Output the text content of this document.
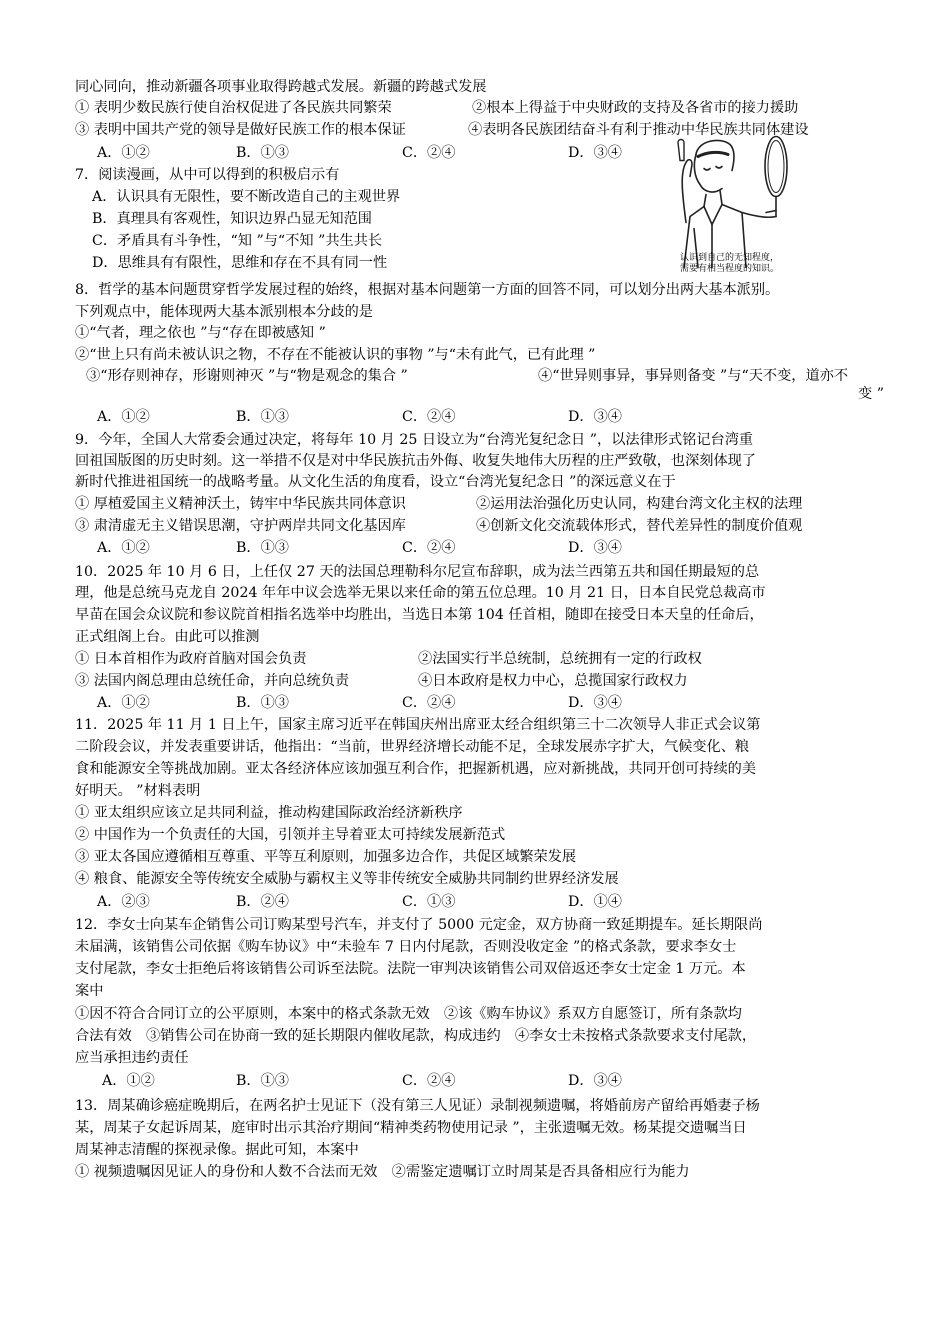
同心同向，推动新疆各项事业取得跨越式发展。新疆的跨越式发展
① 表明少数民族行使自治权促进了各民族共同繁荣	②根本上得益于中央财政的支持及各省市的接力援助
③ 表明中国共产党的领导是做好民族工作的根本保证	④表明各民族团结奋斗有利于推动中华民族共同体建设
A．①②	B．①③	C．②④	D．③④
7．阅读漫画，从中可以得到的积极启示有
A．认识具有无限性，要不断改造自己的主观世界
B．真理具有客观性，知识边界凸显无知范围
C．矛盾具有斗争性，“知 ”与“不知 ”共生共长
D．思维具有有限性，思维和存在不具有同一性	认识到自己的无知程度，
需要有相当程度的知识。
8．哲学的基本问题贯穿哲学发展过程的始终，根据对基本问题第一方面的回答不同，可以划分出两大基本派别。
下列观点中，能体现两大基本派别根本分歧的是
①“气者，理之依也 ”与“存在即被感知 ”
②“世上只有尚未被认识之物，不存在不能被认识的事物 ”与“未有此气，已有此理 ”
③“形存则神存，形谢则神灭 ”与“物是观念的集合 ”	④“世异则事异，事异则备变 ”与“天不变，道亦不
变 ”
A．①②	B．①③	C．②④	D．③④
9．今年，全国人大常委会通过决定，将每年 10 月 25 日设立为“台湾光复纪念日 ”，以法律形式铭记台湾重
回祖国版图的历史时刻。这一举措不仅是对中华民族抗击外侮、收复失地伟大历程的庄严致敬，也深刻体现了
新时代推进祖国统一的战略考量。从文化生活的角度看，设立“台湾光复纪念日 ”的深远意义在于
① 厚植爱国主义精神沃土，铸牢中华民族共同体意识	②运用法治强化历史认同，构建台湾文化主权的法理
③ 肃清虚无主义错误思潮，守护两岸共同文化基因库	④创新文化交流载体形式，替代差异性的制度价值观
A．①②	B．①③	C．②④	D．③④
10．2025 年 10 月 6 日，上任仅 27 天的法国总理勒科尔尼宣布辞职，成为法兰西第五共和国任期最短的总
理，他是总统马克龙自 2024 年年中议会选举无果以来任命的第五位总理。10 月 21 日，日本自民党总裁高市
早苗在国会众议院和参议院首相指名选举中均胜出，当选日本第 104 任首相，随即在接受日本天皇的任命后，
正式组阁上台。由此可以推测
① 日本首相作为政府首脑对国会负责	②法国实行半总统制，总统拥有一定的行政权
③ 法国内阁总理由总统任命，并向总统负责	④日本政府是权力中心，总揽国家行政权力
A．①②	B．①③	C．②④	D．③④
11．2025 年 11 月 1 日上午，国家主席习近平在韩国庆州出席亚太经合组织第三十二次领导人非正式会议第
二阶段会议，并发表重要讲话，他指出：“当前，世界经济增长动能不足，全球发展赤字扩大，气候变化、粮
食和能源安全等挑战加剧。亚太各经济体应该加强互利合作，把握新机遇，应对新挑战，共同开创可持续的美
好明天。 ”材料表明
① 亚太组织应该立足共同利益，推动构建国际政治经济新秩序
② 中国作为一个负责任的大国，引领并主导着亚太可持续发展新范式
③ 亚太各国应遵循相互尊重、平等互利原则，加强多边合作，共促区域繁荣发展
④ 粮食、能源安全等传统安全威胁与霸权主义等非传统安全威胁共同制约世界经济发展
A．②③	B．②④	C．①③	D．①④
12．李女士向某车企销售公司订购某型号汽车，并支付了 5000 元定金，双方协商一致延期提车。延长期限尚
未届满，该销售公司依据《购车协议》中“未验车 7 日内付尾款，否则没收定金 ”的格式条款，要求李女士
支付尾款，李女士拒绝后将该销售公司诉至法院。法院一审判决该销售公司双倍返还李女士定金 1 万元。本
案中
①因不符合合同订立的公平原则，本案中的格式条款无效　②该《购车协议》系双方自愿签订，所有条款均
合法有效　③销售公司在协商一致的延长期限内催收尾款，构成违约　④李女士未按格式条款要求支付尾款，
应当承担违约责任
A．①②	B．①③	C．②④	D．③④
13．周某确诊癌症晚期后，在两名护士见证下（没有第三人见证）录制视频遗嘱，将婚前房产留给再婚妻子杨
某，周某子女起诉周某，庭审时出示其治疗期间“精神类药物使用记录 ”，主张遗嘱无效。杨某提交遗嘱当日
周某神志清醒的探视录像。据此可知，本案中
① 视频遗嘱因见证人的身份和人数不合法而无效　②需鉴定遗嘱订立时周某是否具备相应行为能力
